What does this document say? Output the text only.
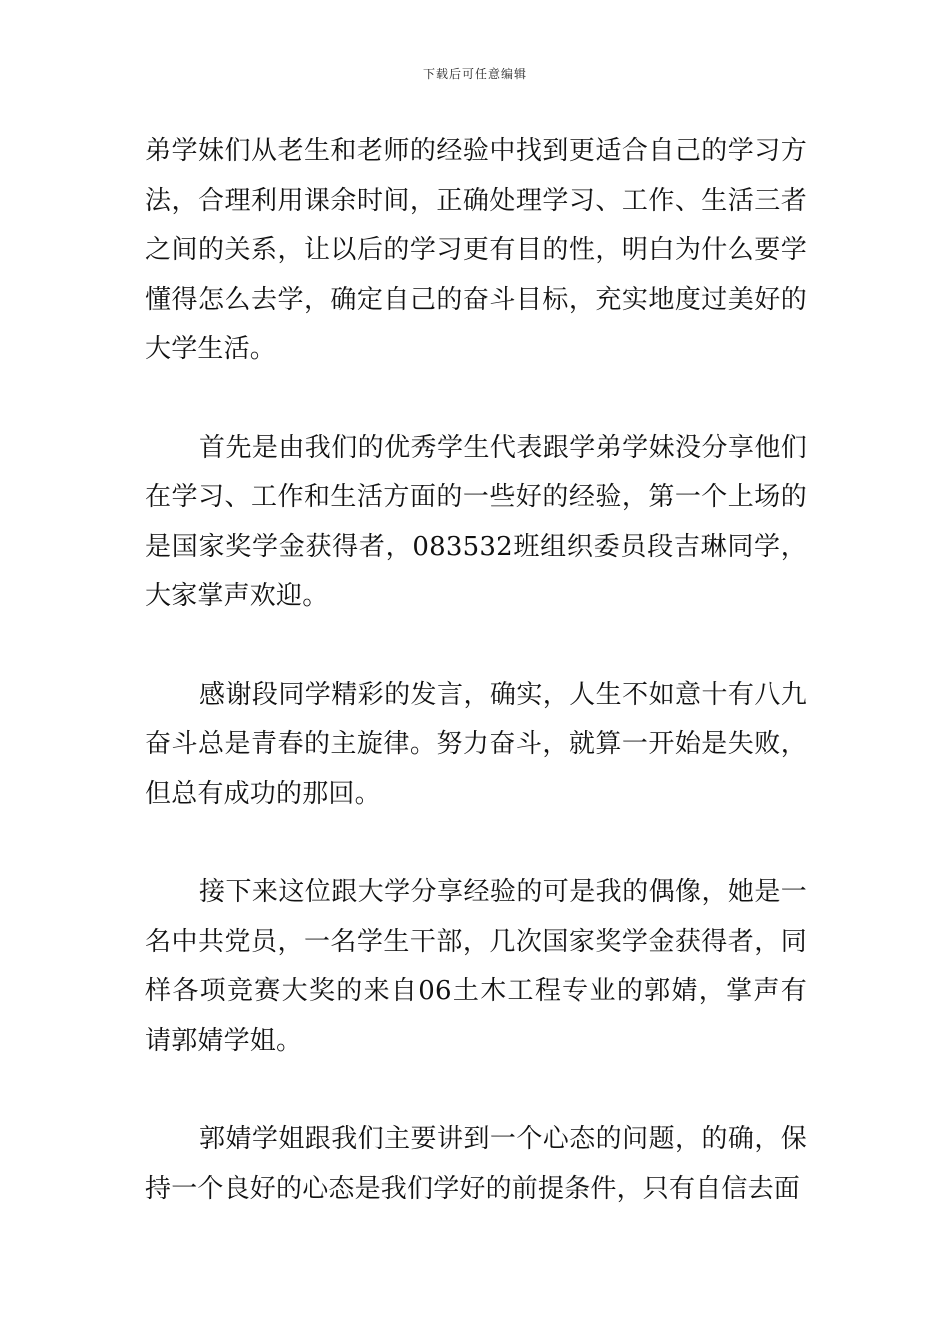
下载后可任意编辑

弟学妹们从老生和老师的经验中找到更适合自己的学习方法，合理利用课余时间，正确处理学习、工作、生活三者之间的关系，让以后的学习更有目的性，明白为什么要学懂得怎么去学，确定自己的奋斗目标，充实地度过美好的大学生活。

首先是由我们的优秀学生代表跟学弟学妹没分享他们在学习、工作和生活方面的一些好的经验，第一个上场的是国家奖学金获得者，083532班组织委员段吉琳同学，大家掌声欢迎。

感谢段同学精彩的发言，确实，人生不如意十有八九奋斗总是青春的主旋律。努力奋斗，就算一开始是失败，但总有成功的那回。

接下来这位跟大学分享经验的可是我的偶像，她是一名中共党员，一名学生干部，几次国家奖学金获得者，同样各项竞赛大奖的来自06土木工程专业的郭婧，掌声有请郭婧学姐。

郭婧学姐跟我们主要讲到一个心态的问题，的确，保持一个良好的心态是我们学好的前提条件，只有自信去面
